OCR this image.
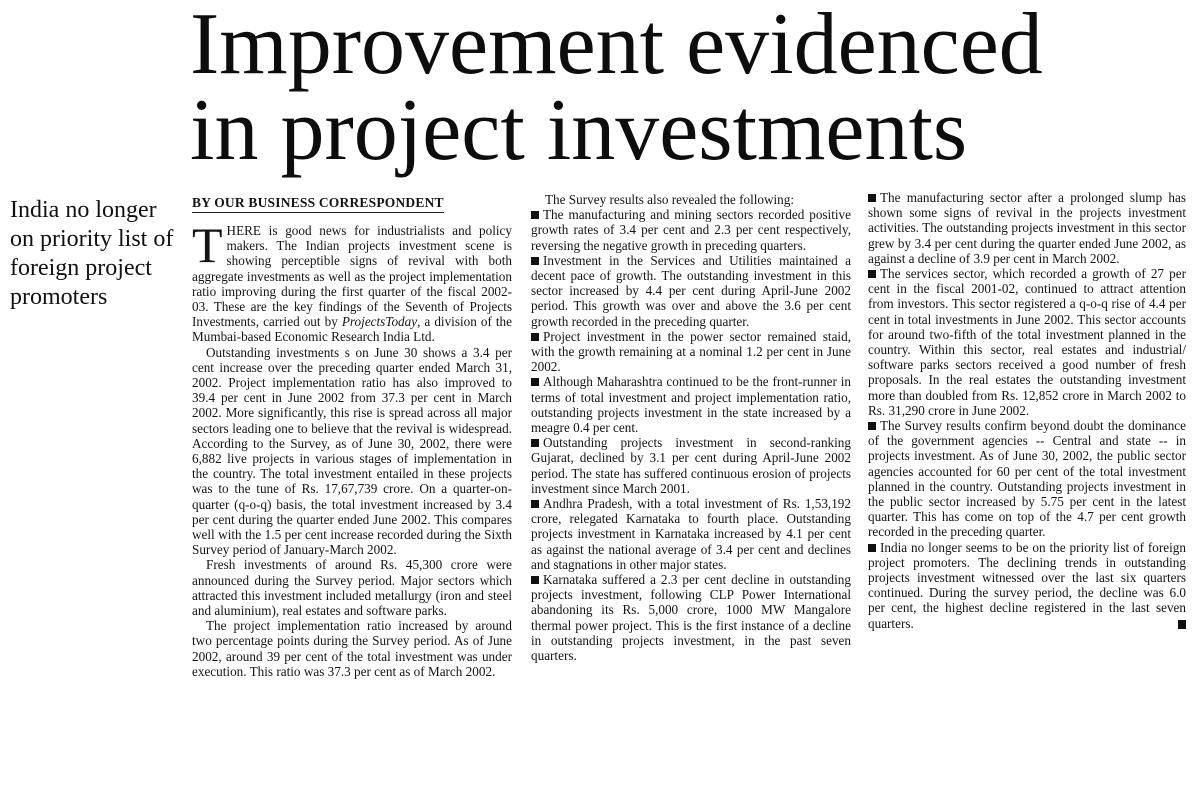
Improvement evidenced
in project investments
India no longer on priority list of foreign project promoters
BY OUR BUSINESS CORRESPONDENT

THERE is good news for industrialists and policy makers. The Indian projects investment scene is showing perceptible signs of revival with both aggregate investments as well as the project implementation ratio improving during the first quarter of the fiscal 2002-03. These are the key findings of the Seventh of Projects Investments, carried out by ProjectsToday, a division of the Mumbai-based Economic Research India Ltd.

Outstanding investments s on June 30 shows a 3.4 per cent increase over the preceding quarter ended March 31, 2002. Project implementation ratio has also improved to 39.4 per cent in June 2002 from 37.3 per cent in March 2002. More significantly, this rise is spread across all major sectors leading one to believe that the revival is widespread. According to the Survey, as of June 30, 2002, there were 6,882 live projects in various stages of implementation in the country. The total investment entailed in these projects was to the tune of Rs. 17,67,739 crore. On a quarter-on-quarter (q-o-q) basis, the total investment increased by 3.4 per cent during the quarter ended June 2002. This compares well with the 1.5 per cent increase recorded during the Sixth Survey period of January-March 2002.

Fresh investments of around Rs. 45,300 crore were announced during the Survey period. Major sectors which attracted this investment included metallurgy (iron and steel and aluminium), real estates and software parks.

The project implementation ratio increased by around two percentage points during the Survey period. As of June 2002, around 39 per cent of the total investment was under execution. This ratio was 37.3 per cent as of March 2002.

The Survey results also revealed the following:

The manufacturing and mining sectors recorded positive growth rates of 3.4 per cent and 2.3 per cent respectively, reversing the negative growth in preceding quarters.

Investment in the Services and Utilities maintained a decent pace of growth. The outstanding investment in this sector increased by 4.4 per cent during April-June 2002 period. This growth was over and above the 3.6 per cent growth recorded in the preceding quarter.

Project investment in the power sector remained staid, with the growth remaining at a nominal 1.2 per cent in June 2002.

Although Maharashtra continued to be the front-runner in terms of total investment and project implementation ratio, outstanding projects investment in the state increased by a meagre 0.4 per cent.

Outstanding projects investment in second-ranking Gujarat, declined by 3.1 per cent during April-June 2002 period. The state has suffered continuous erosion of projects investment since March 2001.

Andhra Pradesh, with a total investment of Rs. 1,53,192 crore, relegated Karnataka to fourth place. Outstanding projects investment in Karnataka increased by 4.1 per cent as against the national average of 3.4 per cent and declines and stagnations in other major states.

Karnataka suffered a 2.3 per cent decline in outstanding projects investment, following CLP Power International abandoning its Rs. 5,000 crore, 1000 MW Mangalore thermal power project. This is the first instance of a decline in outstanding projects investment, in the past seven quarters.

The manufacturing sector after a prolonged slump has shown some signs of revival in the projects investment activities. The outstanding projects investment in this sector grew by 3.4 per cent during the quarter ended June 2002, as against a decline of 3.9 per cent in March 2002.

The services sector, which recorded a growth of 27 per cent in the fiscal 2001-02, continued to attract attention from investors. This sector registered a q-o-q rise of 4.4 per cent in total investments in June 2002. This sector accounts for around two-fifth of the total investment planned in the country. Within this sector, real estates and industrial/ software parks sectors received a good number of fresh proposals. In the real estates the outstanding investment more than doubled from Rs. 12,852 crore in March 2002 to Rs. 31,290 crore in June 2002.

The Survey results confirm beyond doubt the dominance of the government agencies -- Central and state -- in projects investment. As of June 30, 2002, the public sector agencies accounted for 60 per cent of the total investment planned in the country. Outstanding projects investment in the public sector increased by 5.75 per cent in the latest quarter. This has come on top of the 4.7 per cent growth recorded in the preceding quarter.

India no longer seems to be on the priority list of foreign project promoters. The declining trends in outstanding projects investment witnessed over the last six quarters continued. During the survey period, the decline was 6.0 per cent, the highest decline registered in the last seven quarters.
